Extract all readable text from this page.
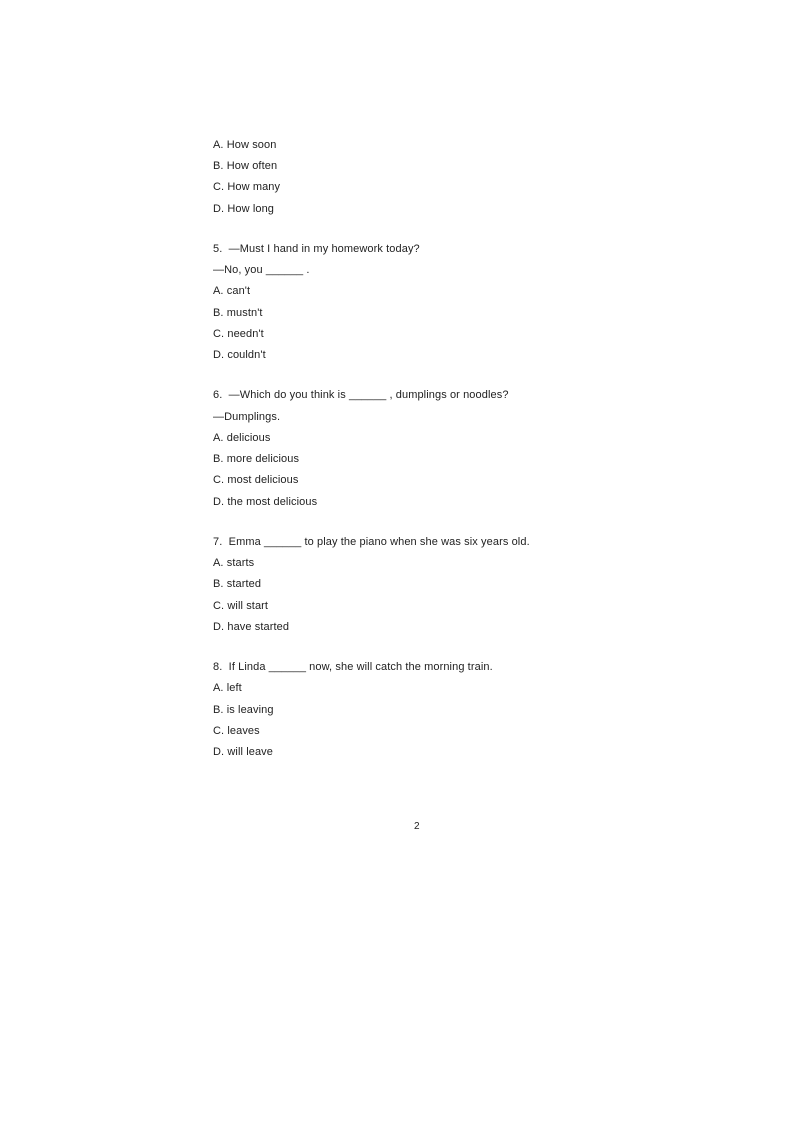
A. How soon
B. How often
C. How many
D. How long
5.  —Must I hand in my homework today?
—No, you ______ .
A. can't
B. mustn't
C. needn't
D. couldn't
6.  —Which do you think is ______ , dumplings or noodles?
—Dumplings.
A. delicious
B. more delicious
C. most delicious
D. the most delicious
7.  Emma ______ to play the piano when she was six years old.
A. starts
B. started
C. will start
D. have started
8.  If Linda ______ now, she will catch the morning train.
A. left
B. is leaving
C. leaves
D. will leave
2
